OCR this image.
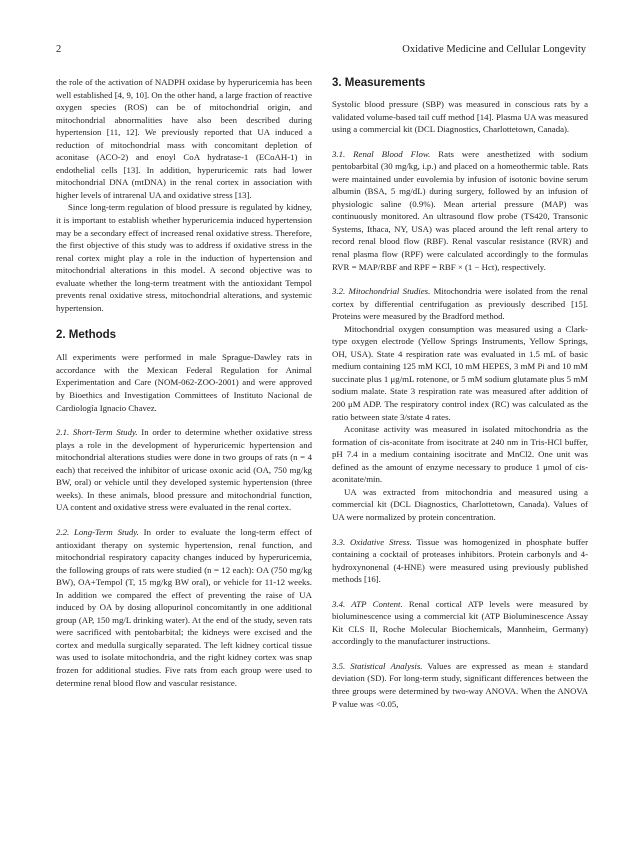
2	Oxidative Medicine and Cellular Longevity

the role of the activation of NADPH oxidase by hyperuricemia has been well established [4, 9, 10]. On the other hand, a large fraction of reactive oxygen species (ROS) can be of mitochondrial origin, and mitochondrial abnormalities have also been described during hypertension [11, 12]. We previously reported that UA induced a reduction of mitochondrial mass with concomitant depletion of aconitase (ACO-2) and enoyl CoA hydratase-1 (ECoAH-1) in endothelial cells [13]. In addition, hyperuricemic rats had lower mitochondrial DNA (mtDNA) in the renal cortex in association with higher levels of intrarenal UA and oxidative stress [13].

Since long-term regulation of blood pressure is regulated by kidney, it is important to establish whether hyperuricemia induced hypertension may be a secondary effect of increased renal oxidative stress. Therefore, the first objective of this study was to address if oxidative stress in the renal cortex might play a role in the induction of hypertension and mitochondrial alterations in this model. A second objective was to evaluate whether the long-term treatment with the antioxidant Tempol prevents renal oxidative stress, mitochondrial alterations, and systemic hypertension.

2. Methods

All experiments were performed in male Sprague-Dawley rats in accordance with the Mexican Federal Regulation for Animal Experimentation and Care (NOM-062-ZOO-2001) and were approved by Bioethics and Investigation Committees of Instituto Nacional de Cardiología Ignacio Chavez.

2.1. Short-Term Study. In order to determine whether oxidative stress plays a role in the development of hyperuricemic hypertension and mitochondrial alterations studies were done in two groups of rats (n = 4 each) that received the inhibitor of uricase oxonic acid (OA, 750 mg/kg BW, oral) or vehicle until they developed systemic hypertension (three weeks). In these animals, blood pressure and mitochondrial function, UA content and oxidative stress were evaluated in the renal cortex.

2.2. Long-Term Study. In order to evaluate the long-term effect of antioxidant therapy on systemic hypertension, renal function, and mitochondrial respiratory capacity changes induced by hyperuricemia, the following groups of rats were studied (n = 12 each): OA (750 mg/kg BW), OA+Tempol (T, 15 mg/kg BW oral), or vehicle for 11-12 weeks. In addition we compared the effect of preventing the raise of UA induced by OA by dosing allopurinol concomitantly in one additional group (AP, 150 mg/L drinking water). At the end of the study, seven rats were sacrificed with pentobarbital; the kidneys were excised and the cortex and medulla surgically separated. The left kidney cortical tissue was used to isolate mitochondria, and the right kidney cortex was snap frozen for additional studies. Five rats from each group were used to determine renal blood flow and vascular resistance.

3. Measurements

Systolic blood pressure (SBP) was measured in conscious rats by a validated volume-based tail cuff method [14]. Plasma UA was measured using a commercial kit (DCL Diagnostics, Charlottetown, Canada).

3.1. Renal Blood Flow. Rats were anesthetized with sodium pentobarbital (30 mg/kg, i.p.) and placed on a homeothermic table. Rats were maintained under euvolemia by infusion of isotonic bovine serum albumin (BSA, 5 mg/dL) during surgery, followed by an infusion of physiologic saline (0.9%). Mean arterial pressure (MAP) was continuously monitored. An ultrasound flow probe (TS420, Transonic Systems, Ithaca, NY, USA) was placed around the left renal artery to record renal blood flow (RBF). Renal vascular resistance (RVR) and renal plasma flow (RPF) were calculated accordingly to the formulas RVR = MAP/RBF and RPF = RBF × (1 − Hct), respectively.

3.2. Mitochondrial Studies. Mitochondria were isolated from the renal cortex by differential centrifugation as previously described [15]. Proteins were measured by the Bradford method.

Mitochondrial oxygen consumption was measured using a Clark-type oxygen electrode (Yellow Springs Instruments, Yellow Springs, OH, USA). State 4 respiration rate was evaluated in 1.5 mL of basic medium containing 125 mM KCl, 10 mM HEPES, 3 mM Pi and 10 mM succinate plus 1 μg/mL rotenone, or 5 mM sodium glutamate plus 5 mM sodium malate. State 3 respiration rate was measured after addition of 200 μM ADP. The respiratory control index (RC) was calculated as the ratio between state 3/state 4 rates.

Aconitase activity was measured in isolated mitochondria as the formation of cis-aconitate from isocitrate at 240 nm in Tris-HCl buffer, pH 7.4 in a medium containing isocitrate and MnCl2. One unit was defined as the amount of enzyme necessary to produce 1 μmol of cis-aconitate/min.

UA was extracted from mitochondria and measured using a commercial kit (DCL Diagnostics, Charlottetown, Canada). Values of UA were normalized by protein concentration.

3.3. Oxidative Stress. Tissue was homogenized in phosphate buffer containing a cocktail of proteases inhibitors. Protein carbonyls and 4-hydroxynonenal (4-HNE) were measured using previously published methods [16].

3.4. ATP Content. Renal cortical ATP levels were measured by bioluminescence using a commercial kit (ATP Bioluminescence Assay Kit CLS II, Roche Molecular Biochemicals, Mannheim, Germany) accordingly to the manufacturer instructions.

3.5. Statistical Analysis. Values are expressed as mean ± standard deviation (SD). For long-term study, significant differences between the three groups were determined by two-way ANOVA. When the ANOVA P value was <0.05,
